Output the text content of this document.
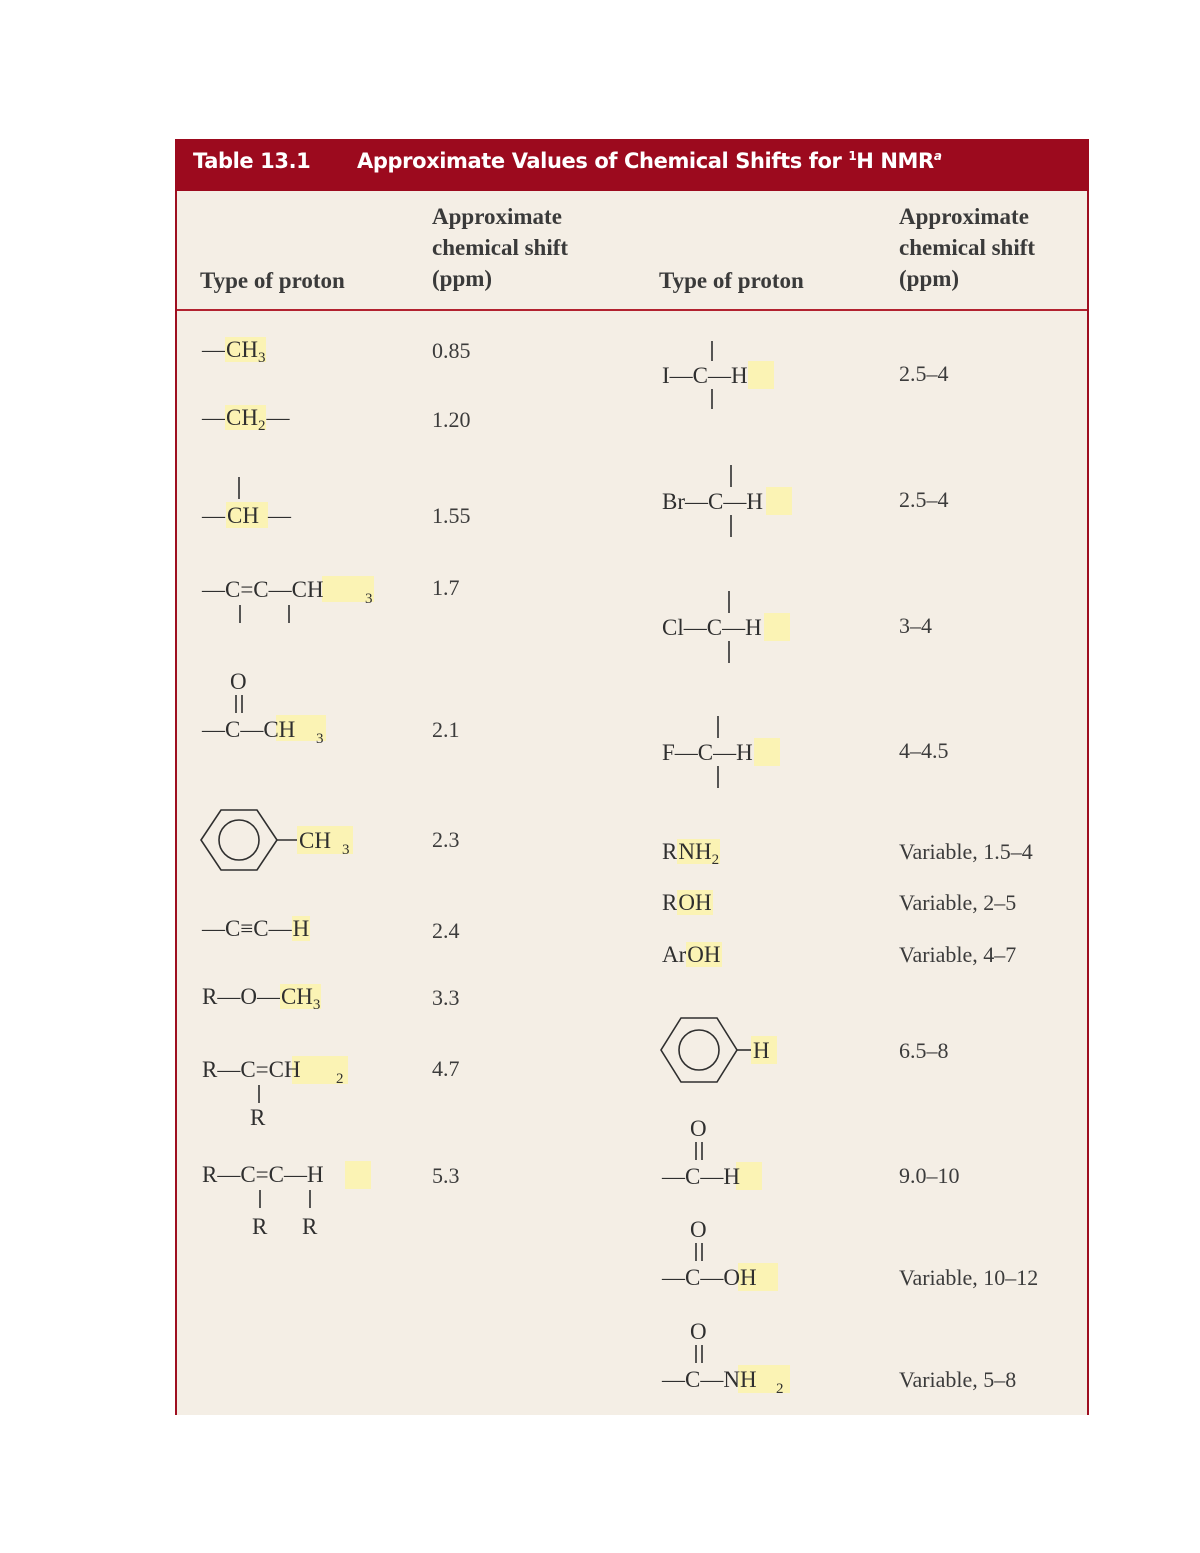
Table 13.1 Approximate Values of Chemical Shifts for $^1$H NMR$^a$
Type of proton
Approximate
chemical shift
(ppm)	Type of proton
Approximate
chemical shift
(ppm)
$—CH_3$
$—CH_2—$
— CH —
—C=C—CH	3
O
—C—CH 3
CH 3
—C≡C—H
$R—O—CH_3$
R—C=CH 2
R
R—C=C—H
R R
0.85
1.20
1.55
1.7
2.1
2.3
2.4
3.3
4.7
5.3
I—C—H
Br—C—H
Cl—C—H
F—C—H
$RNH_2$
ROH
ArOH
H
O
—C—H
O
—C—OH
O
—C—NH 2
2.5–4
2.5–4
3–4
4–4.5
Variable, 1.5–4
Variable, 2–5
Variable, 4–7
6.5–8
9.0–10
Variable, 10–12
Variable, 5–8
